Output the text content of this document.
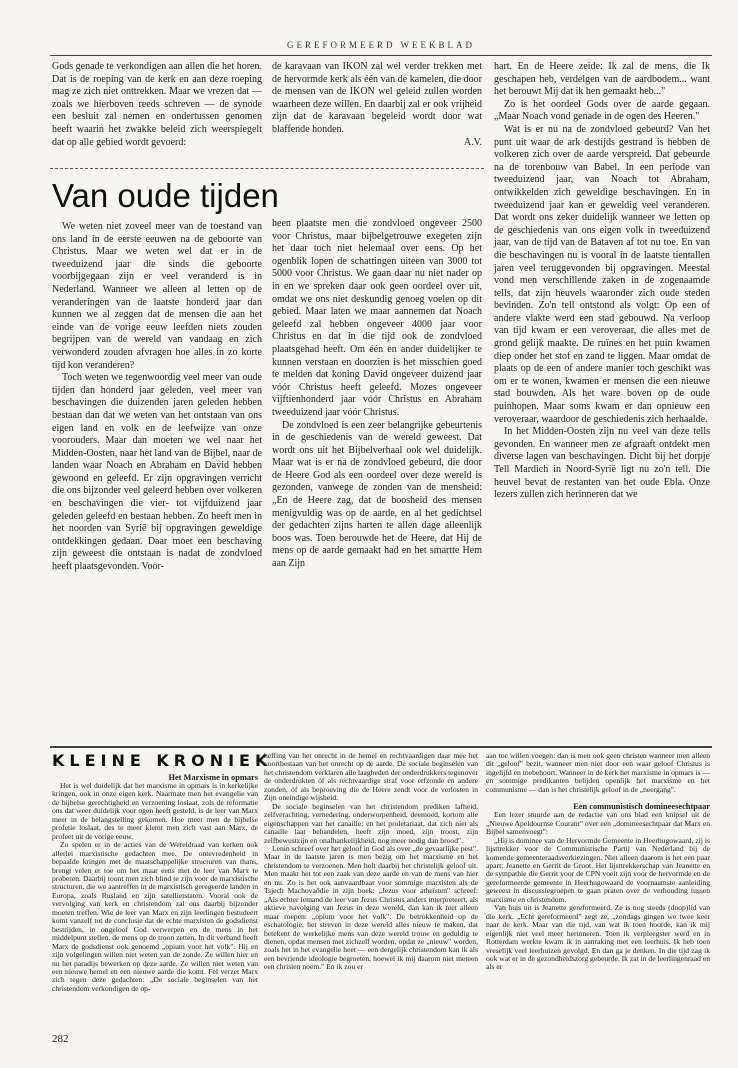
GEREFORMEERD WEEKBLAD

Gods genade te verkondigen aan allen die het horen. Dat is de roeping van de kerk en aan deze roeping mag ze zich niet onttrekken. Maar we vrezen dat — zoals we hierboven reeds schreven — de synode een besluit zal nemen en ondertussen genomen heeft waarin het zwakke beleid zich weerspiegelt dat op alle gebied wordt gevoerd:

de karavaan van IKON zal wel verder trekken met de hervormde kerk als één van de kamelen, die door de mensen van de IKON wel geleid zullen worden waarheen deze willen. En daarbij zal er ook vrijheid zijn dat de karavaan begeleid wordt door wat blaffende honden.

A.V.
Van oude tijden

We weten niet zoveel meer van de toestand van ons land in de eerste eeuwen na de geboorte van Christus. Maar we weten wel dat er in de tweeduizend jaar die sinds die geboorte voorbijgegaan zijn er veel veranderd is in Nederland. Wanneer we alleen al letten op de veranderingen van de laatste honderd jaar dan kunnen we al zeggen dat de mensen die aan het einde van de vorige eeuw leefden niets zouden begrijpen van de wereld van vandaag en zich verwonderd zouden afvragen hoe alles in zo korte tijd kon veranderen?

Toch weten we tegenwoordig veel meer van oude tijden dan honderd jaar geleden, veel meer van beschavingen die duizenden jaren geleden hebben bestaan dan dat we weten van het ontstaan van ons eigen land en volk en de leefwijze van onze voorouders. Maar dan moeten we wel naar het Midden-Oosten, naar het land van de Bijbel, naar de landen waar Noach en Abraham en David hebben gewoond en geleefd. Er zijn opgravingen verricht die ons bijzonder veel geleerd hebben over volkeren en beschavingen die vier- tot vijfduizend jaar geleden geleefd en bestaan hebben. Zo heeft men in het noorden van Syrië bij opgravingen geweldige ontdekkingen gedaan. Daar moet een beschaving zijn geweest die ontstaan is nadat de zondvloed heeft plaatsgevonden. Voor-

heen plaatste men die zondvloed ongeveer 2500 voor Christus, maar bijbelgetrouwe exegeten zijn het daar toch niet helemaal over eens. Op het ogenblik lopen de schattingen uiteen van 3000 tot 5000 voor Christus. We gaan daar nu niet nader op in en we spreken daar ook geen oordeel over uit, omdat we ons niet deskundig genoeg voelen op dit gebied. Maar laten we maar aannemen dat Noach geleefd zal hebben ongeveer 4000 jaar voor Christus en dat in die tijd ook de zondvloed plaatsgehad heeft. Om één en ander duidelijker te kunnen verstaan en doorzien is het misschien goed te melden dat koning David ongeveer duizend jaar vóór Christus heeft geleefd. Mozes ongeveer vijftienhonderd jaar vóór Christus en Abraham tweeduizend jaar vóór Christus.

De zondvloed is een zeer belangrijke gebeurtenis in de geschiedenis van de wereld geweest. Dat wordt ons uit het Bijbelverhaal ook wel duidelijk. Maar wat is er na de zondvloed gebeurd, die door de Heere God als een oordeel over deze wereld is gezonden, vanwege de zonden van de mensheid: „En de Heere zag, dat de boosheid des mensen menigvuldig was op de aarde, en al het gedichtsel der gedachten zijns harten te allen dage alleenlijk boos was. Toen berouwde het de Heere, dat Hij de mens op de aarde gemaakt had en het smartte Hem aan Zijn

hart. En de Heere zeide: Ik zal de mens, die Ik geschapen heb, verdelgen van de aardbodem... want het berouwt Mij dat ik hen gemaakt heb..."

Zo is het oordeel Gods over de aarde gegaan. „Maar Noach vond genade in de ogen des Heeren."

Wat is er nu na de zondvloed gebeurd? Van het punt uit waar de ark destijds gestrand is hebben de volkeren zich over de aarde verspreid. Dat gebeurde na de torenbouw van Babel. In een periode van tweeduizend jaar, van Noach tot Abraham, ontwikkelden zich geweldige beschavingen. En in tweeduizend jaar kan er geweldig veel veranderen. Dat wordt ons zeker duidelijk wanneer we letten op de geschiedenis van ons eigen volk in tweeduizend jaar, van de tijd van de Bataven af tot nu toe. En van die beschavingen nu is vooral in de laatste tientallen jaren veel teruggevonden bij opgravingen. Meestal vond men verschillende zaken in de zogenaamde tells, dat zijn heuvels waaronder zich oude steden bevinden. Zo'n tell ontstond als volgt: Op een of andere vlakte werd een stad gebouwd. Na verloop van tijd kwam er een veroveraar, die alles met de grond gelijk maakte. De ruïnes en het puin kwamen diep onder het stof en zand te liggen. Maar omdat de plaats op de een of andere manier toch geschikt was om er te wonen, kwamen er mensen die een nieuwe stad bouwden. Als het ware boven op de oude puinhopen. Maar soms kwam er dan opnieuw een veroveraar, waardoor de geschiedenis zich herhaalde.

In het Midden-Oosten zijn nu veel van deze tells gevonden. En wanneer men ze afgraaft ontdekt men diverse lagen van beschavingen. Dicht bij het dorpje Tell Mardich in Noord-Syrië ligt nu zo'n tell. Die heuvel bevat de restanten van het oude Ebla. Onze lezers zullen zich herinneren dat we

KLEINE KRONIEK
Het Marxisme in opmars

Het is wel duidelijk dat het marxisme in opmars is in kerkelijke kringen, ook in onze eigen kerk. Naarmate men het evangelie van de bijbelse gerechtigheid en verzoening loslaat, zols de reformatie ons dat weer duidelijk voor ogen heeft gesteld, is de leer van Marx meer in de belangstelling gekomen. Hoe meer men de bijbelse profetie loslaat, des te meer klemt men zich vast aan Marx, de profeet uit de vorige eeuw.

Zo spelen er in de acties van de Wereldraad van kerken ook allerlei marxistische gedachten mee. De ontevredenheid in bepaalde kringen met de maatschappelijke structuren van thans, brengt velen er toe om het maar eens met de leer van Marx te proberen. Daarbij toont men zich blind te zijn voor de marxistische structuren, die we aantreffen in de marxistisch geregeerde landen in Europa, zoals Rusland en zijn satellietstaten. Vooral ook de vervolging van kerk en christendom zal ons daarbij bijzonder moeten treffen. Wie de leer van Marx en zijn leerlingen bestudeert komt vanzelf tot de conclusie dat de echte marxisten de godsdienst bestrijden, in ongeloof God verwerpen en de mens in het middelpunt stellen, de mens op de troon zetten. In dit verband heeft Marx de godsdienst ook genoemd „opium voor het volk". Hij en zijn volgelingen willen niet weten van de zonde. Ze willen hier en nu het paradijs bewerken op deze aarde. Ze willen niet weten van een nieuwe hemel en een nieuwe aarde die komt. Fel verzet Marx zich tegen deze gedachten: „De sociale beginselen van het christendom verkondigen de op-

heffing van het onrecht in de hemel en rechtvaardigen daar mee het voortbestaan van het onrecht op de aarde. De sociale beginselen van het christendom verklaren alle laagheden der onderdrukkers tegenover de onderdrukten óf als rechtvaardige straf voor erfzonde en andere zonden, óf als beproeving die de Heere zendt voor de verlosten in Zijn oneindige wijsheid.

De sociale beginselen van het christendom prediken lafheid, zelfverachting, vernedering, onderworpenheid, deemoed, kortom alle eigenschappen van het canaille; en het proletariaat, dat zich niet als canaille laat behandelen, heeft zijn moed, zijn troost, zijn zelfbewustzijn en onafhankelijkheid, nog meer nodig dan brood".

Lenin schreef over het geloof in God als over „de gevaarlijke pest". Maar in de laatste jaren is men bezig om het marxisme en het christendom te verzoenen. Men holt daarbij het christelijk geloof uit. Men maakt het tot een zaak van deze aarde en van de mens van hier en nu. Zo is het ook aanvaardbaar voor sommige marxisten als de Tsjech Machovaôdie in zijn boek: „Jezus voor atheïsten" schreef: „Als echter iemand de leer van Jezus Christus anders interpreteert, als aktieve navolging van Jezus in deze wereld, dan kan ik niet alleen maar roepen: „opium voor het volk". De betrokkenheid op de eschatologie, het streven in deze wereld alles nieuw te maken, dat betekent de werkelijke mens van deze wereld trouw en geduldig te dienen, opdat mensen met zichzelf worden, opdat ze „nieuw" worden, zoals het in het evangelie heet — een dergelijk christendom kan ik als een bevriende ideologie begroeten, hoewel ik mij daarom niet meteen een christen noem." En ik zou er

aan toe willen voegen: dan is men ook geen christen wanneer men alleen dit „geloof" bezit, wanneer men niet door een waar geloof Christus is ingelijfd en toebehoort. Wanneer in de kerk het marxisme in opmars is — en sommige predikanten belijden openlijk het marxisme en het communisme — dan is het christelijk geloof in de „neergang".

Een communistisch domineesechtpaar

Een lezer stuurde aan de redactie van ons blad een knipsel uit de „Nieuwe Apeldoornse Courant" over een „domineesechtpaar dat Marx en Bijbel samenvoegt":

„Hij is dominee van de Hervormde Gemeente in Heerhugowaard, zij is lijsttrekker voor de Communistische Partij van Nederland bij de komende gemeenteraadsverkiezingen. Niet alleen daarom is het een paar apart: Jeanette en Gerrit de Groot. Het lijsttrekkerschap van Jeanette en de sympathie die Gerrit voor de CPN voelt zijn voor de hervormde en de gereformeerde gemeente in Heerhugowaard de voornaamste aanleiding geweest in discussiegroepen te gaan praten over de verhouding tussen marxisme en christendom.

Van huis uit is Jeanette gereformeerd. Ze is nog steeds (doop)lid van die kerk. „Echt gereformeerd" zegt ze, „zondags gingen we twee keer naar de kerk. Maar van die tijd, van wat ik toen hoorde, kan ik mij eigenlijk niet veel meer herinneren. Toen ik verpleegster werd en in Rotterdam werkte kwam ik in aanraking met een leerhuis. Ik heb toen vreselijk veel leerhuizen gevolgd. En dan ga je denken. In die tijd zag ik ook wat er in de gezondheidszorg gebeurde. Ik zat in de leerlingenraad en als er

282
